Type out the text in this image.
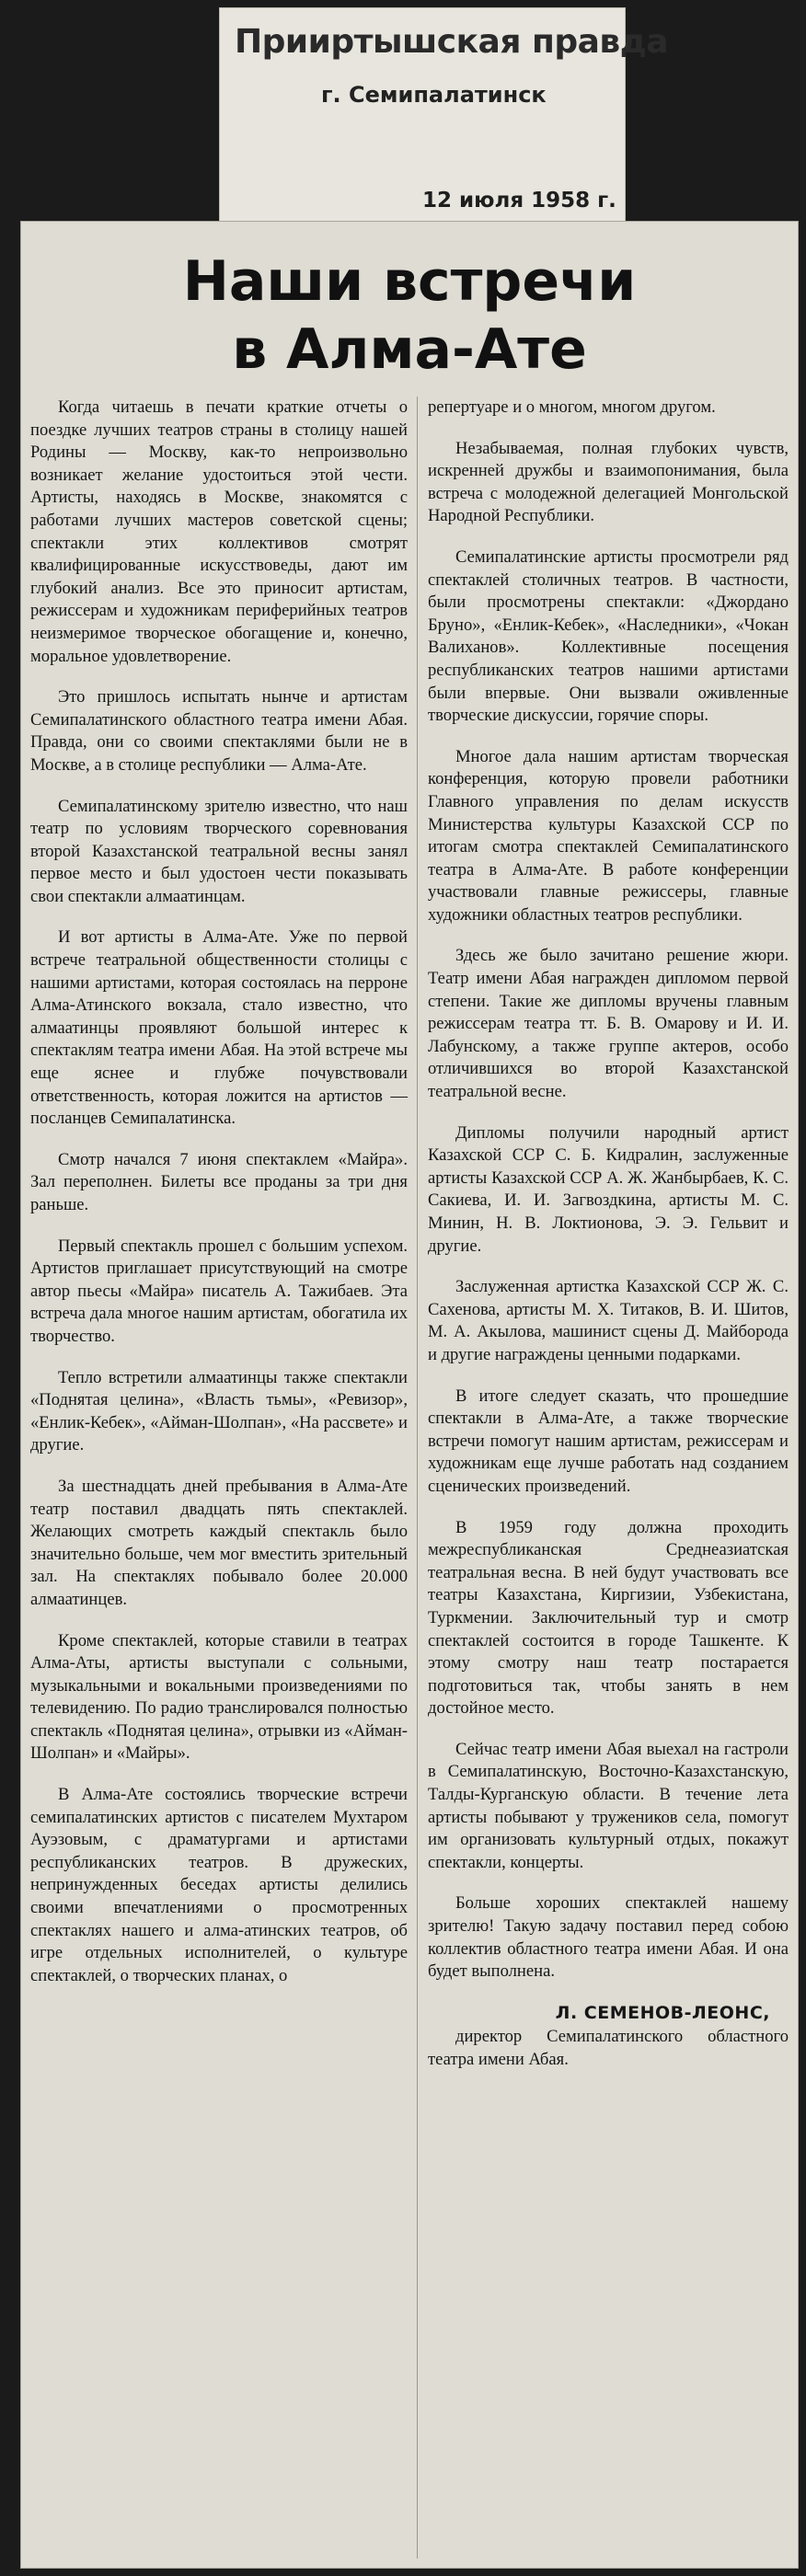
Прииртышская правда
г. Семипалатинск
12 июля 1958 г.
Наши встречи
в Алма-Ате

Когда читаешь в печати краткие отчеты о поездке лучших театров страны в столицу нашей Родины — Москву, как-то непроизвольно возникает желание удостоиться этой чести. Артисты, находясь в Москве, знакомятся с работами лучших мастеров советской сцены; спектакли этих коллективов смотрят квалифицированные искусствоведы, дают им глубокий анализ. Все это приносит артистам, режиссерам и художникам периферийных театров неизмеримое творческое обогащение и, конечно, моральное удовлетворение.

Это пришлось испытать нынче и артистам Семипалатинского областного театра имени Абая. Правда, они со своими спектаклями были не в Москве, а в столице республики — Алма-Ате.

Семипалатинскому зрителю известно, что наш театр по условиям творческого соревнования второй Казахстанской театральной весны занял первое место и был удостоен чести показывать свои спектакли алмаатинцам.

И вот артисты в Алма-Ате. Уже по первой встрече театральной общественности столицы с нашими артистами, которая состоялась на перроне Алма-Атинского вокзала, стало известно, что алмаатинцы проявляют большой интерес к спектаклям театра имени Абая. На этой встрече мы еще яснее и глубже почувствовали ответственность, которая ложится на артистов — посланцев Семипалатинска.

Смотр начался 7 июня спектаклем «Майра». Зал переполнен. Билеты все проданы за три дня раньше.

Первый спектакль прошел с большим успехом. Артистов приглашает присутствующий на смотре автор пьесы «Майра» писатель А. Тажибаев. Эта встреча дала многое нашим артистам, обогатила их творчество.

Тепло встретили алмаатинцы также спектакли «Поднятая целина», «Власть тьмы», «Ревизор», «Енлик-Кебек», «Айман-Шолпан», «На рассвете» и другие.

За шестнадцать дней пребывания в Алма-Ате театр поставил двадцать пять спектаклей. Желающих смотреть каждый спектакль было значительно больше, чем мог вместить зрительный зал. На спектаклях побывало более 20.000 алмаатинцев.

Кроме спектаклей, которые ставили в театрах Алма-Аты, артисты выступали с сольными, музыкальными и вокальными произведениями по телевидению. По радио транслировался полностью спектакль «Поднятая целина», отрывки из «Айман-Шолпан» и «Майры».

В Алма-Ате состоялись творческие встречи семипалатинских артистов с писателем Мухтаром Ауэзовым, с драматургами и артистами республиканских театров. В дружеских, непринужденных беседах артисты делились своими впечатлениями о просмотренных спектаклях нашего и алма-атинских театров, об игре отдельных исполнителей, о культуре спектаклей, о творческих планах, о

репертуаре и о многом, многом другом.

Незабываемая, полная глубоких чувств, искренней дружбы и взаимопонимания, была встреча с молодежной делегацией Монгольской Народной Республики.

Семипалатинские артисты просмотрели ряд спектаклей столичных театров. В частности, были просмотрены спектакли: «Джордано Бруно», «Енлик-Кебек», «Наследники», «Чокан Валиханов». Коллективные посещения республиканских театров нашими артистами были впервые. Они вызвали оживленные творческие дискуссии, горячие споры.

Многое дала нашим артистам творческая конференция, которую провели работники Главного управления по делам искусств Министерства культуры Казахской ССР по итогам смотра спектаклей Семипалатинского театра в Алма-Ате. В работе конференции участвовали главные режиссеры, главные художники областных театров республики.

Здесь же было зачитано решение жюри. Театр имени Абая награжден дипломом первой степени. Такие же дипломы вручены главным режиссерам театра тт. Б. В. Омарову и И. И. Лабунскому, а также группе актеров, особо отличившихся во второй Казахстанской театральной весне.

Дипломы получили народный артист Казахской ССР С. Б. Кидралин, заслуженные артисты Казахской ССР А. Ж. Жанбырбаев, К. С. Сакиева, И. И. Загвоздкина, артисты М. С. Минин, Н. В. Локтионова, Э. Э. Гельвит и другие.

Заслуженная артистка Казахской ССР Ж. С. Сахенова, артисты М. Х. Титаков, В. И. Шитов, М. А. Акылова, машинист сцены Д. Майборода и другие награждены ценными подарками.

В итоге следует сказать, что прошедшие спектакли в Алма-Ате, а также творческие встречи помогут нашим артистам, режиссерам и художникам еще лучше работать над созданием сценических произведений.

В 1959 году должна проходить межреспубликанская Среднеазиатская театральная весна. В ней будут участвовать все театры Казахстана, Киргизии, Узбекистана, Туркмении. Заключительный тур и смотр спектаклей состоится в городе Ташкенте. К этому смотру наш театр постарается подготовиться так, чтобы занять в нем достойное место.

Сейчас театр имени Абая выехал на гастроли в Семипалатинскую, Восточно-Казахстанскую, Талды-Курганскую области. В течение лета артисты побывают у тружеников села, помогут им организовать культурный отдых, покажут спектакли, концерты.

Больше хороших спектаклей нашему зрителю! Такую задачу поставил перед собою коллектив областного театра имени Абая. И она будет выполнена.

Л. СЕМЕНОВ-ЛЕОНС,

директор Семипалатинского областного театра имени Абая.
